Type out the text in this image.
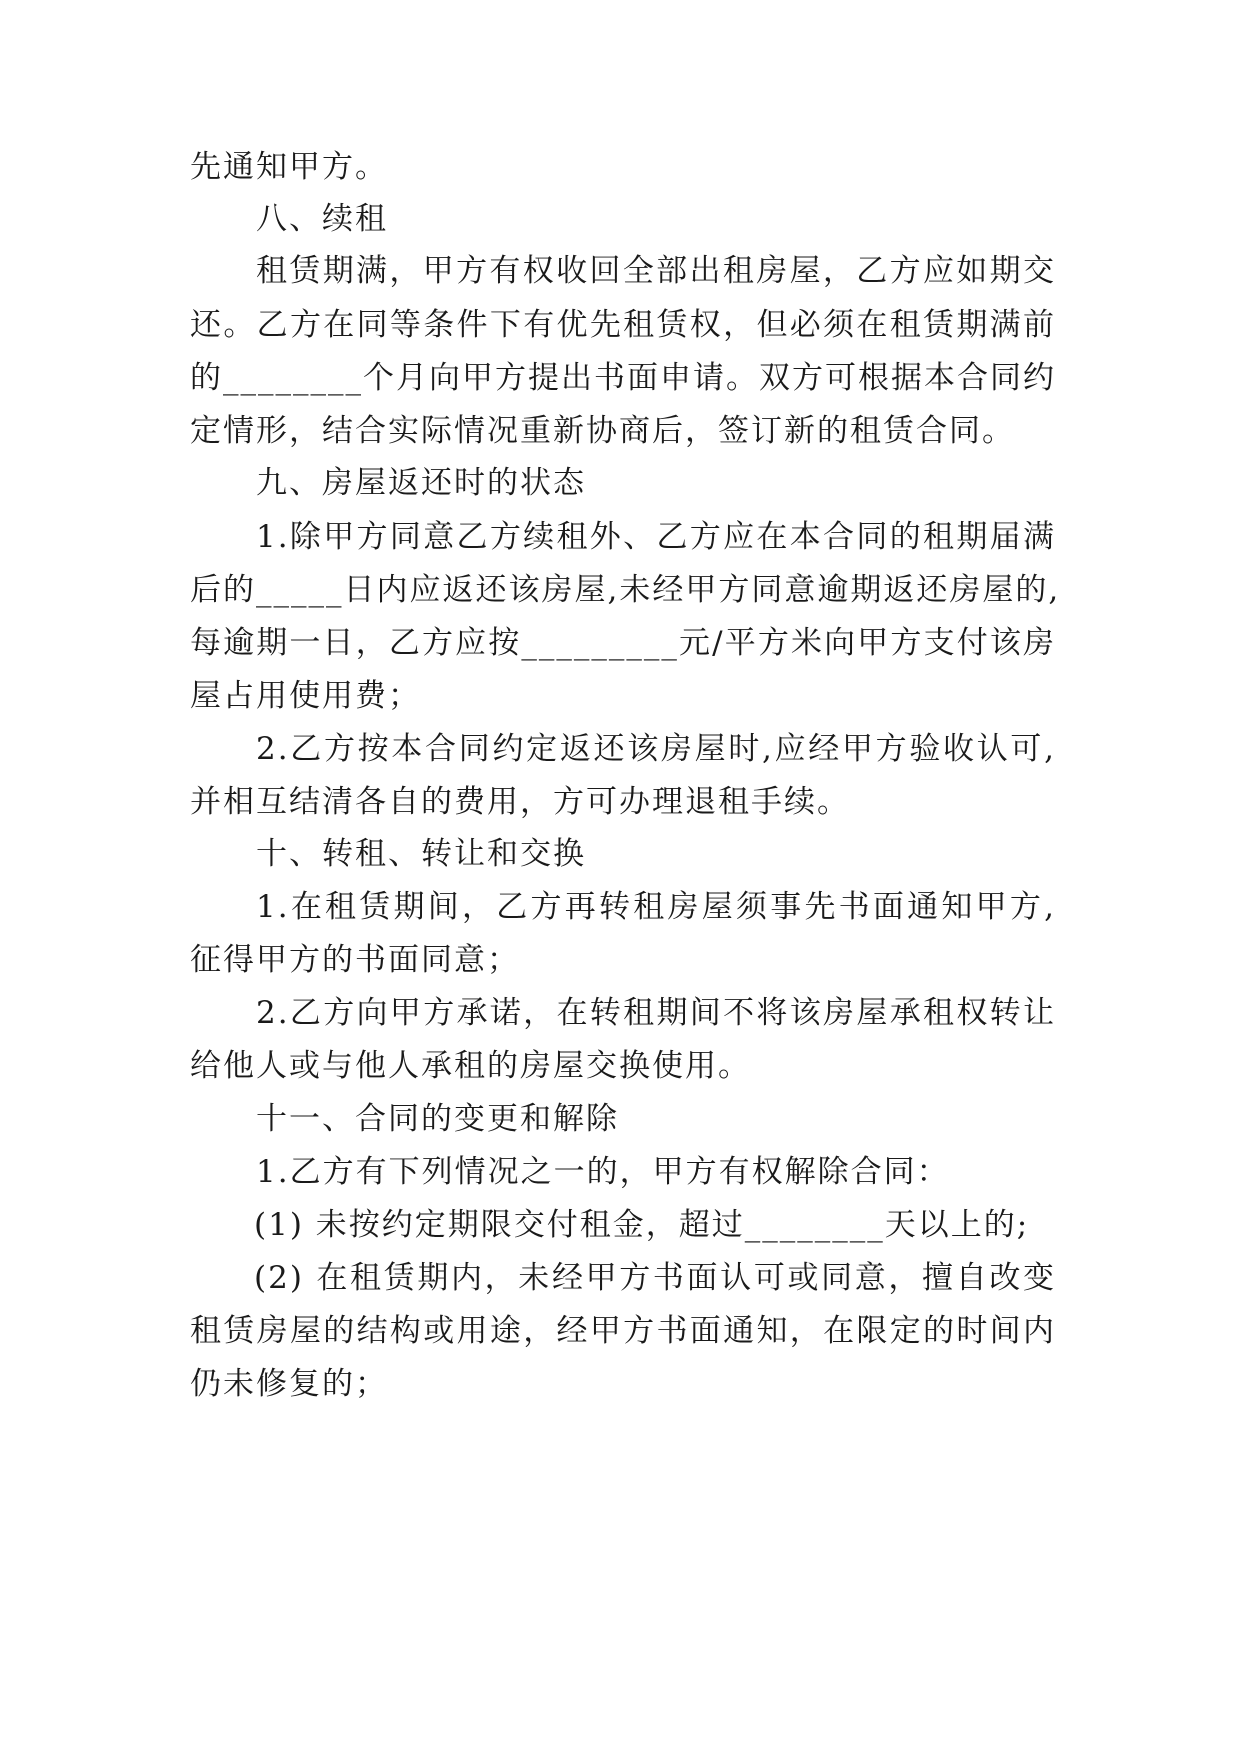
先通知甲方。
八、续租
租赁期满，甲方有权收回全部出租房屋，乙方应如期交
还。乙方在同等条件下有优先租赁权，但必须在租赁期满前
的________个月向甲方提出书面申请。双方可根据本合同约
定情形，结合实际情况重新协商后，签订新的租赁合同。
九、房屋返还时的状态
1.除甲方同意乙方续租外、乙方应在本合同的租期届满
后的_____日内应返还该房屋,未经甲方同意逾期返还房屋的,
每逾期一日，乙方应按_________元/平方米向甲方支付该房
屋占用使用费；
2.乙方按本合同约定返还该房屋时,应经甲方验收认可,
并相互结清各自的费用，方可办理退租手续。
十、转租、转让和交换
1.在租赁期间，乙方再转租房屋须事先书面通知甲方,
征得甲方的书面同意；
2.乙方向甲方承诺，在转租期间不将该房屋承租权转让
给他人或与他人承租的房屋交换使用。
十一、合同的变更和解除
1.乙方有下列情况之一的，甲方有权解除合同：
(1) 未按约定期限交付租金，超过________天以上的;
(2) 在租赁期内，未经甲方书面认可或同意，擅自改变
租赁房屋的结构或用途，经甲方书面通知，在限定的时间内
仍未修复的；
